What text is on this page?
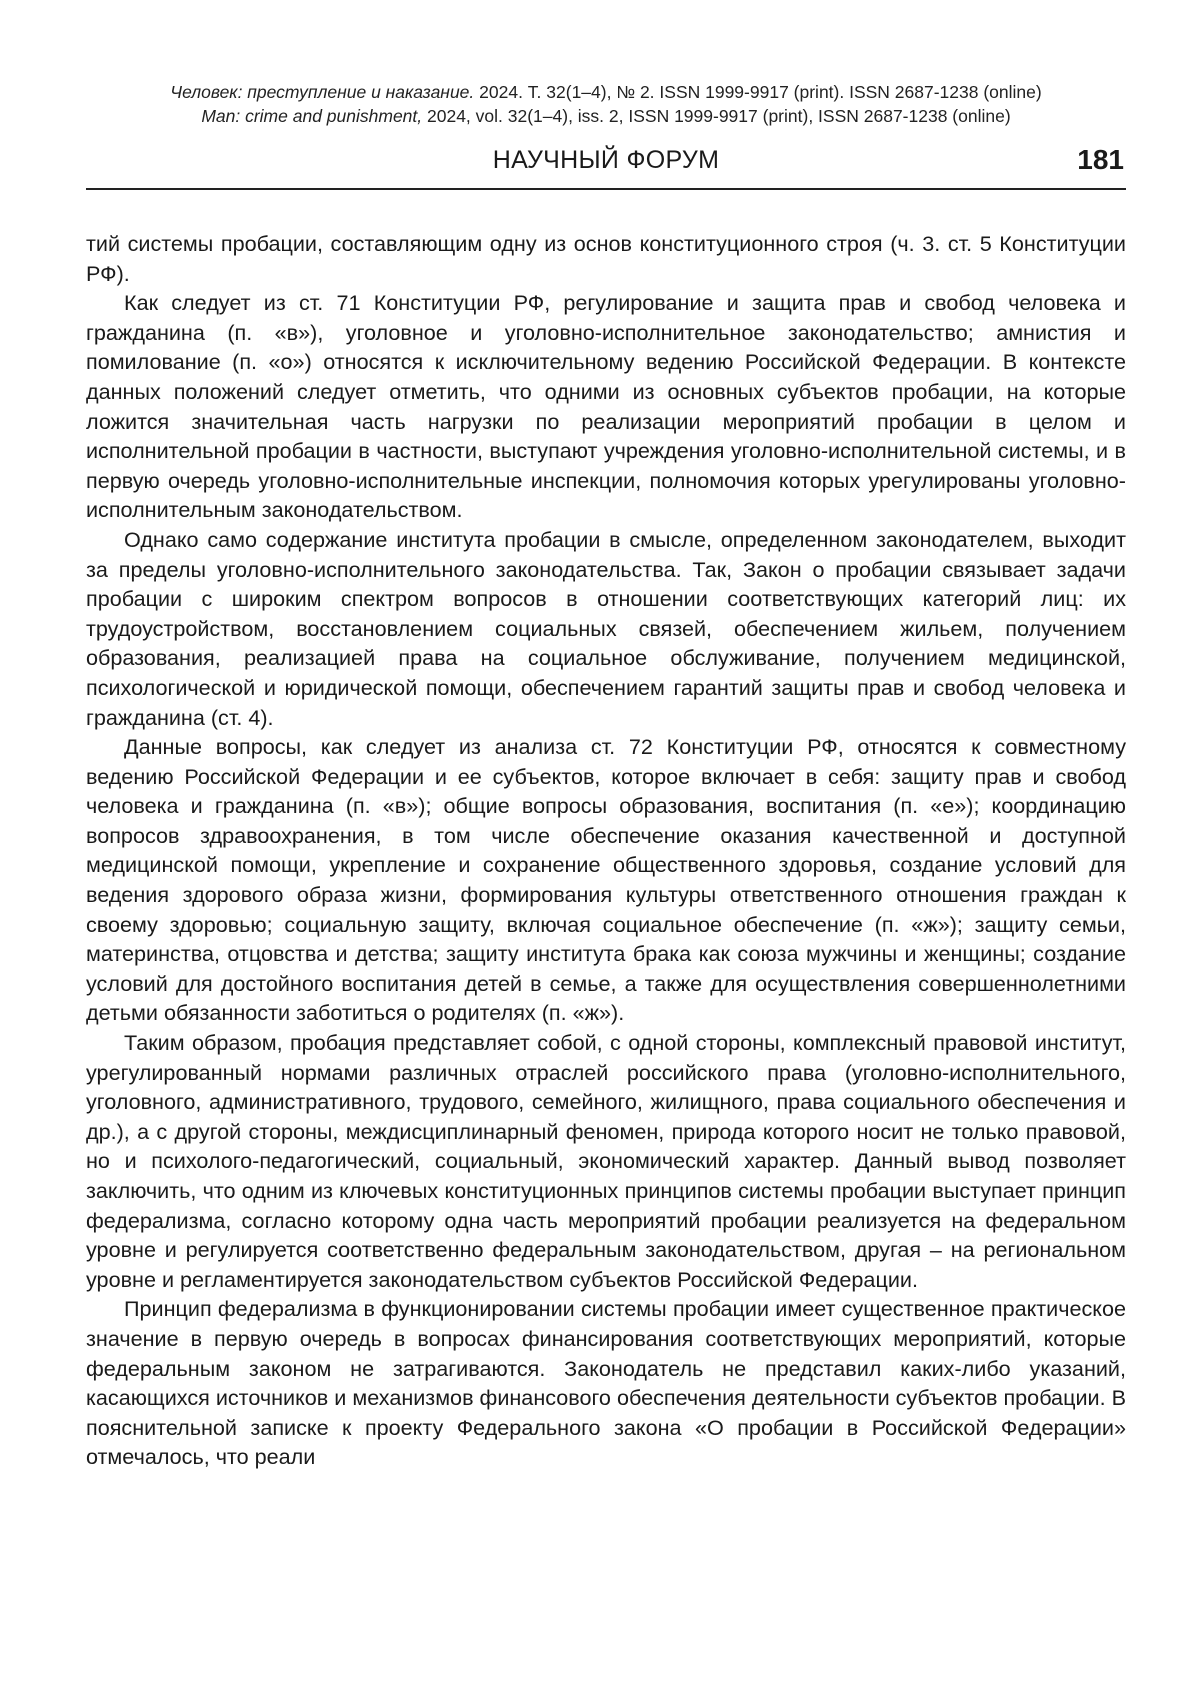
Человек: преступление и наказание. 2024. Т. 32(1–4), № 2. ISSN 1999-9917 (print). ISSN 2687-1238 (online)
Man: crime and punishment, 2024, vol. 32(1–4), iss. 2, ISSN 1999-9917 (print), ISSN 2687-1238 (online)
НАУЧНЫЙ ФОРУМ	181

тий системы пробации, составляющим одну из основ конституционного строя (ч. 3. ст. 5 Конституции РФ).

Как следует из ст. 71 Конституции РФ, регулирование и защита прав и свобод человека и гражданина (п. «в»), уголовное и уголовно-исполнительное законодательство; амнистия и помилование (п. «о») относятся к исключительному ведению Российской Федерации. В контексте данных положений следует отметить, что одними из основных субъектов пробации, на которые ложится значительная часть нагрузки по реализации мероприятий пробации в целом и исполнительной пробации в частности, выступают учреждения уголовно-исполнительной системы, и в первую очередь уголовно-исполнительные инспекции, полномочия которых урегулированы уголовно-исполнительным законодательством.

Однако само содержание института пробации в смысле, определенном законодателем, выходит за пределы уголовно-исполнительного законодательства. Так, Закон о пробации связывает задачи пробации с широким спектром вопросов в отношении соответствующих категорий лиц: их трудоустройством, восстановлением социальных связей, обеспечением жильем, получением образования, реализацией права на социальное обслуживание, получением медицинской, психологической и юридической помощи, обеспечением гарантий защиты прав и свобод человека и гражданина (ст. 4).

Данные вопросы, как следует из анализа ст. 72 Конституции РФ, относятся к совместному ведению Российской Федерации и ее субъектов, которое включает в себя: защиту прав и свобод человека и гражданина (п. «в»); общие вопросы образования, воспитания (п. «е»); координацию вопросов здравоохранения, в том числе обеспечение оказания качественной и доступной медицинской помощи, укрепление и сохранение общественного здоровья, создание условий для ведения здорового образа жизни, формирования культуры ответственного отношения граждан к своему здоровью; социальную защиту, включая социальное обеспечение (п. «ж»); защиту семьи, материнства, отцовства и детства; защиту института брака как союза мужчины и женщины; создание условий для достойного воспитания детей в семье, а также для осуществления совершеннолетними детьми обязанности заботиться о родителях (п. «ж»).

Таким образом, пробация представляет собой, с одной стороны, комплексный правовой институт, урегулированный нормами различных отраслей российского права (уголовно-исполнительного, уголовного, административного, трудового, семейного, жилищного, права социального обеспечения и др.), а с другой стороны, междисциплинарный феномен, природа которого носит не только правовой, но и психолого-педагогический, социальный, экономический характер. Данный вывод позволяет заключить, что одним из ключевых конституционных принципов системы пробации выступает принцип федерализма, согласно которому одна часть мероприятий пробации реализуется на федеральном уровне и регулируется соответственно федеральным законодательством, другая – на региональном уровне и регламентируется законодательством субъектов Российской Федерации.

Принцип федерализма в функционировании системы пробации имеет существенное практическое значение в первую очередь в вопросах финансирования соответствующих мероприятий, которые федеральным законом не затрагиваются. Законодатель не представил каких-либо указаний, касающихся источников и механизмов финансового обеспечения деятельности субъектов пробации. В пояснительной записке к проекту Федерального закона «О пробации в Российской Федерации» отмечалось, что реали
